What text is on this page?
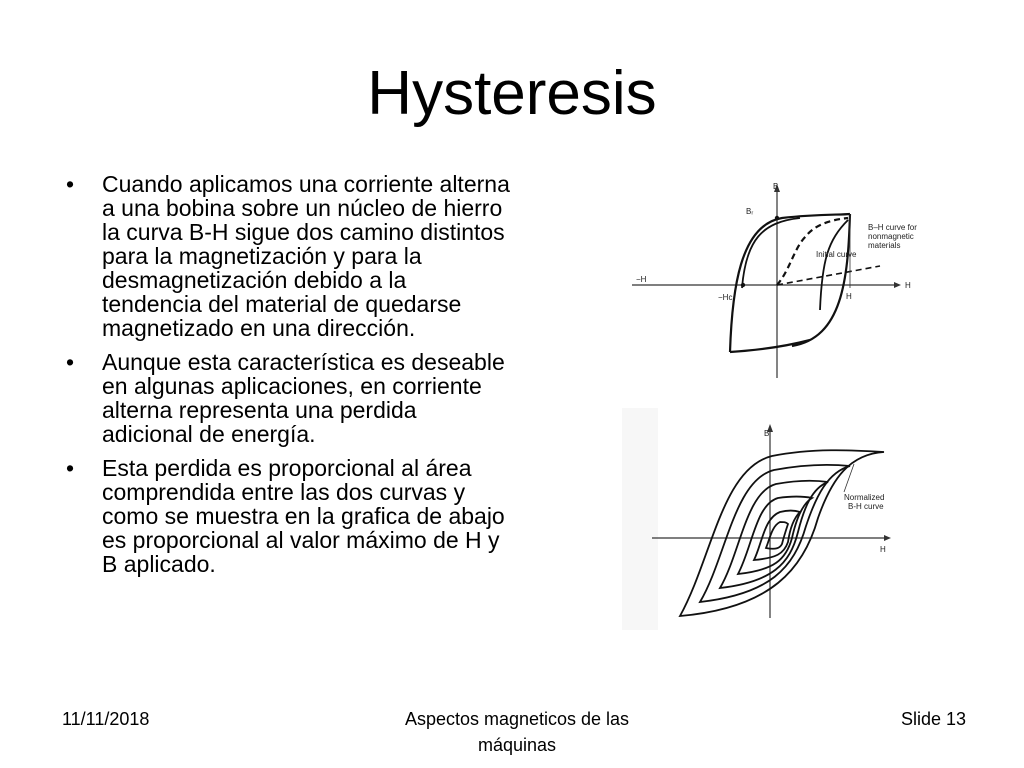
Hysteresis
• Cuando aplicamos una corriente alterna a una bobina sobre un núcleo de hierro la curva B-H sigue dos camino distintos para la magnetización y para la desmagnetización debido a la tendencia del material de quedarse magnetizado en una dirección.
• Aunque esta característica es deseable en algunas aplicaciones, en corriente alterna representa una perdida adicional de energía.
• Esta perdida es proporcional al área comprendida entre las dos curvas y como se muestra en la grafica de abajo es proporcional al valor máximo de H y B aplicado.
B
H
−H
Bᵣ
−Hc	H
Initial curve
B–H curve for
nonmagnetic
materials
B
H
Normalized
B-H curve
11/11/2018	Aspectos magneticos de las
máquinas
Slide 13
